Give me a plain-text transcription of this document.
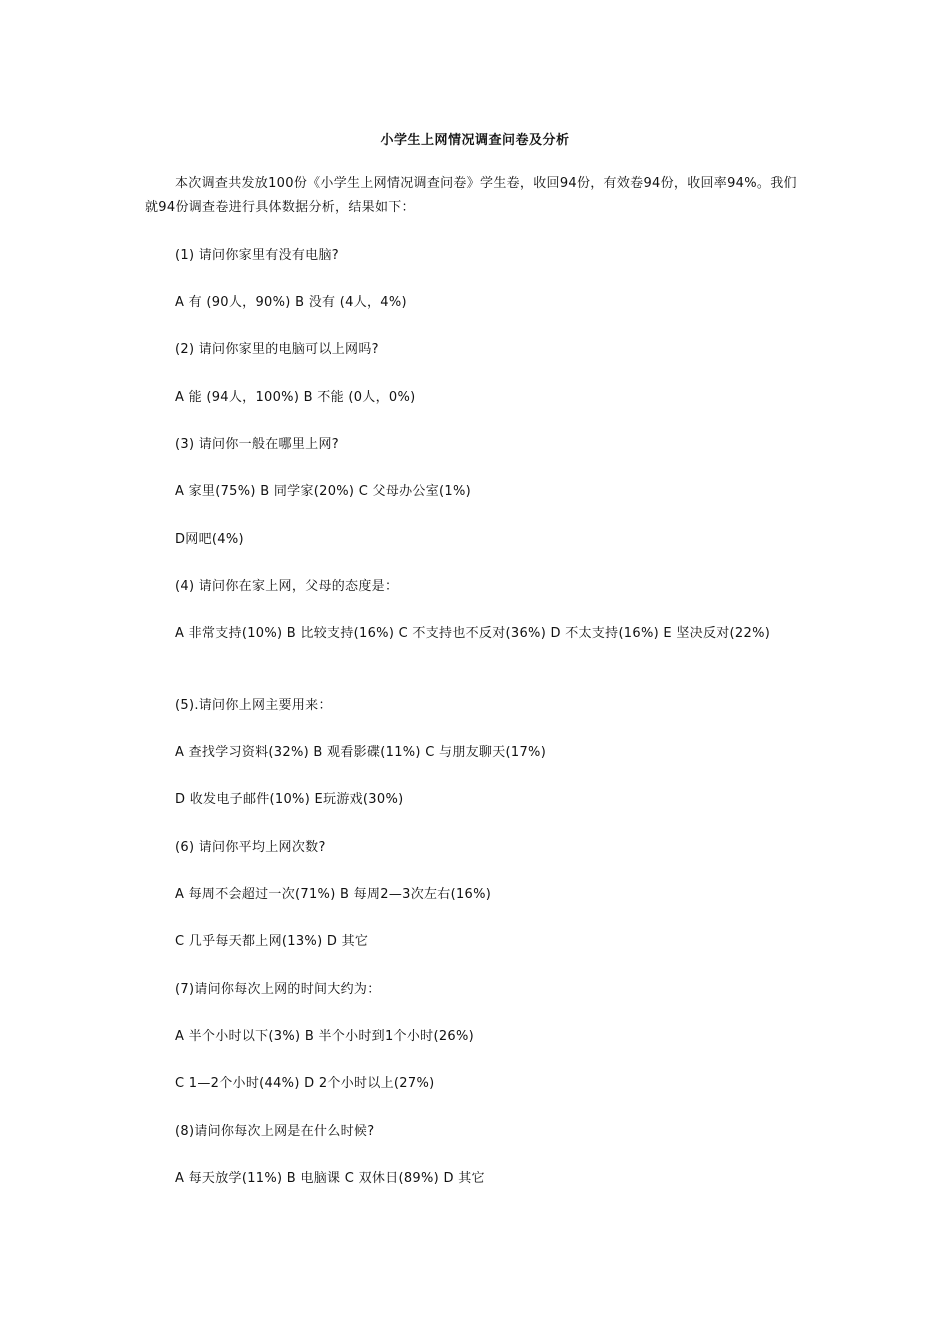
小学生上网情况调查问卷及分析

本次调查共发放100份《小学生上网情况调查问卷》学生卷，收回94份，有效卷94份，收回率94%。我们就94份调查卷进行具体数据分析，结果如下：

(1) 请问你家里有没有电脑?

A 有 (90人，90%) B 没有 (4人，4%)

(2) 请问你家里的电脑可以上网吗?

A 能 (94人，100%) B 不能 (0人，0%)

(3) 请问你一般在哪里上网?

A 家里(75%) B 同学家(20%) C 父母办公室(1%)

D网吧(4%)

(4) 请问你在家上网，父母的态度是：

A 非常支持(10%) B 比较支持(16%) C 不支持也不反对(36%) D 不太支持(16%) E 坚决反对(22%)

(5).请问你上网主要用来：

A 查找学习资料(32%) B 观看影碟(11%) C 与朋友聊天(17%)

D 收发电子邮件(10%) E玩游戏(30%)

(6) 请问你平均上网次数?

A 每周不会超过一次(71%) B 每周2—3次左右(16%)

C 几乎每天都上网(13%) D 其它

(7)请问你每次上网的时间大约为：

A 半个小时以下(3%) B 半个小时到1个小时(26%)

C 1—2个小时(44%) D 2个小时以上(27%)

(8)请问你每次上网是在什么时候?

A 每天放学(11%) B 电脑课 C 双休日(89%) D 其它
